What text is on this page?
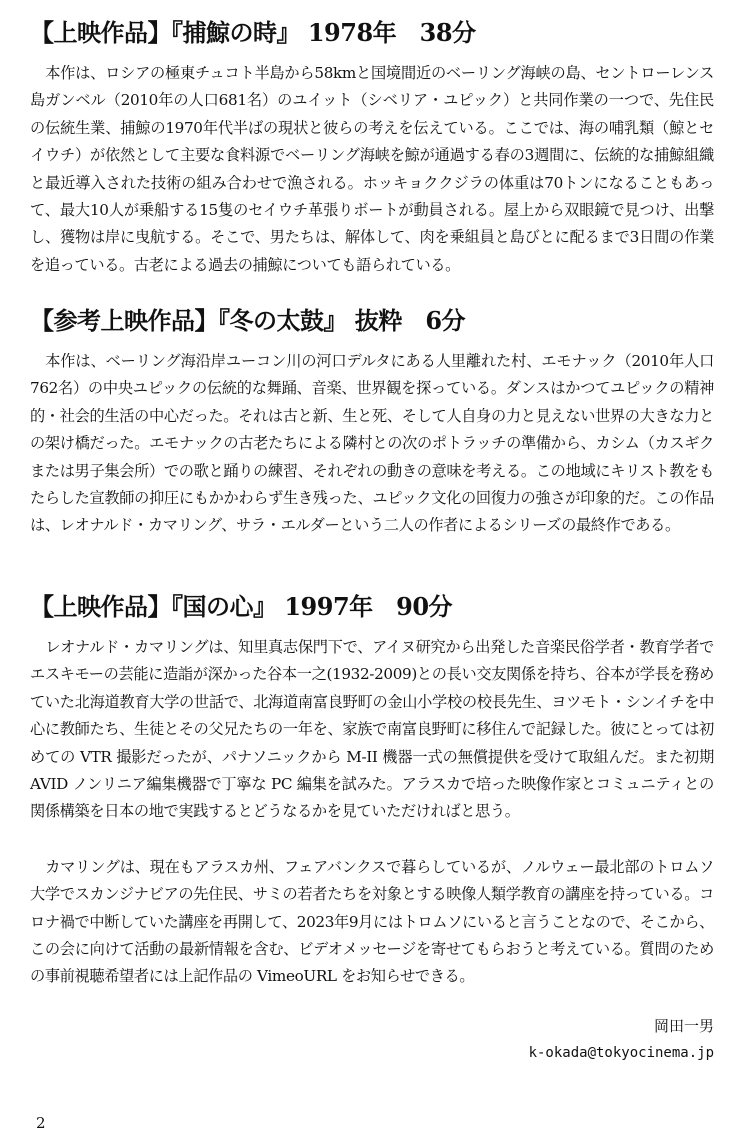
【上映作品】『捕鯨の時』 1978年　38分

本作は、ロシアの極東チュコト半島から58kmと国境間近のベーリング海峡の島、セントローレンス島ガンベル（2010年の人口681名）のユイット（シベリア・ユピック）と共同作業の一つで、先住民の伝統生業、捕鯨の1970年代半ばの現状と彼らの考えを伝えている。ここでは、海の哺乳類（鯨とセイウチ）が依然として主要な食料源でベーリング海峡を鯨が通過する春の3週間に、伝統的な捕鯨組織と最近導入された技術の組み合わせで漁される。ホッキョククジラの体重は70トンになることもあって、最大10人が乗船する15隻のセイウチ革張りボートが動員される。屋上から双眼鏡で見つけ、出撃し、獲物は岸に曳航する。そこで、男たちは、解体して、肉を乗組員と島びとに配るまで3日間の作業を追っている。古老による過去の捕鯨についても語られている。

【参考上映作品】『冬の太鼓』 抜粋　6分

本作は、ベーリング海沿岸ユーコン川の河口デルタにある人里離れた村、エモナック（2010年人口762名）の中央ユピックの伝統的な舞踊、音楽、世界観を探っている。ダンスはかつてユピックの精神的・社会的生活の中心だった。それは古と新、生と死、そして人自身の力と見えない世界の大きな力との架け橋だった。エモナックの古老たちによる隣村との次のポトラッチの準備から、カシム（カスギクまたは男子集会所）での歌と踊りの練習、それぞれの動きの意味を考える。この地域にキリスト教をもたらした宣教師の抑圧にもかかわらず生き残った、ユピック文化の回復力の強さが印象的だ。この作品は、レオナルド・カマリング、サラ・エルダーという二人の作者によるシリーズの最終作である。

【上映作品】『国の心』 1997年　90分

レオナルド・カマリングは、知里真志保門下で、アイヌ研究から出発した音楽民俗学者・教育学者でエスキモーの芸能に造詣が深かった谷本一之(1932-2009)との長い交友関係を持ち、谷本が学長を務めていた北海道教育大学の世話で、北海道南富良野町の金山小学校の校長先生、ヨツモト・シンイチを中心に教師たち、生徒とその父兄たちの一年を、家族で南富良野町に移住んで記録した。彼にとっては初めての VTR 撮影だったが、パナソニックから M-II 機器一式の無償提供を受けて取組んだ。また初期 AVID ノンリニア編集機器で丁寧な PC 編集を試みた。アラスカで培った映像作家とコミュニティとの関係構築を日本の地で実践するとどうなるかを見ていただければと思う。

カマリングは、現在もアラスカ州、フェアバンクスで暮らしているが、ノルウェー最北部のトロムソ大学でスカンジナビアの先住民、サミの若者たちを対象とする映像人類学教育の講座を持っている。コロナ禍で中断していた講座を再開して、2023年9月にはトロムソにいると言うことなので、そこから、この会に向けて活動の最新情報を含む、ビデオメッセージを寄せてもらおうと考えている。質問のための事前視聴希望者には上記作品の VimeoURL をお知らせできる。

岡田一男
k-okada@tokyocinema.jp
2
